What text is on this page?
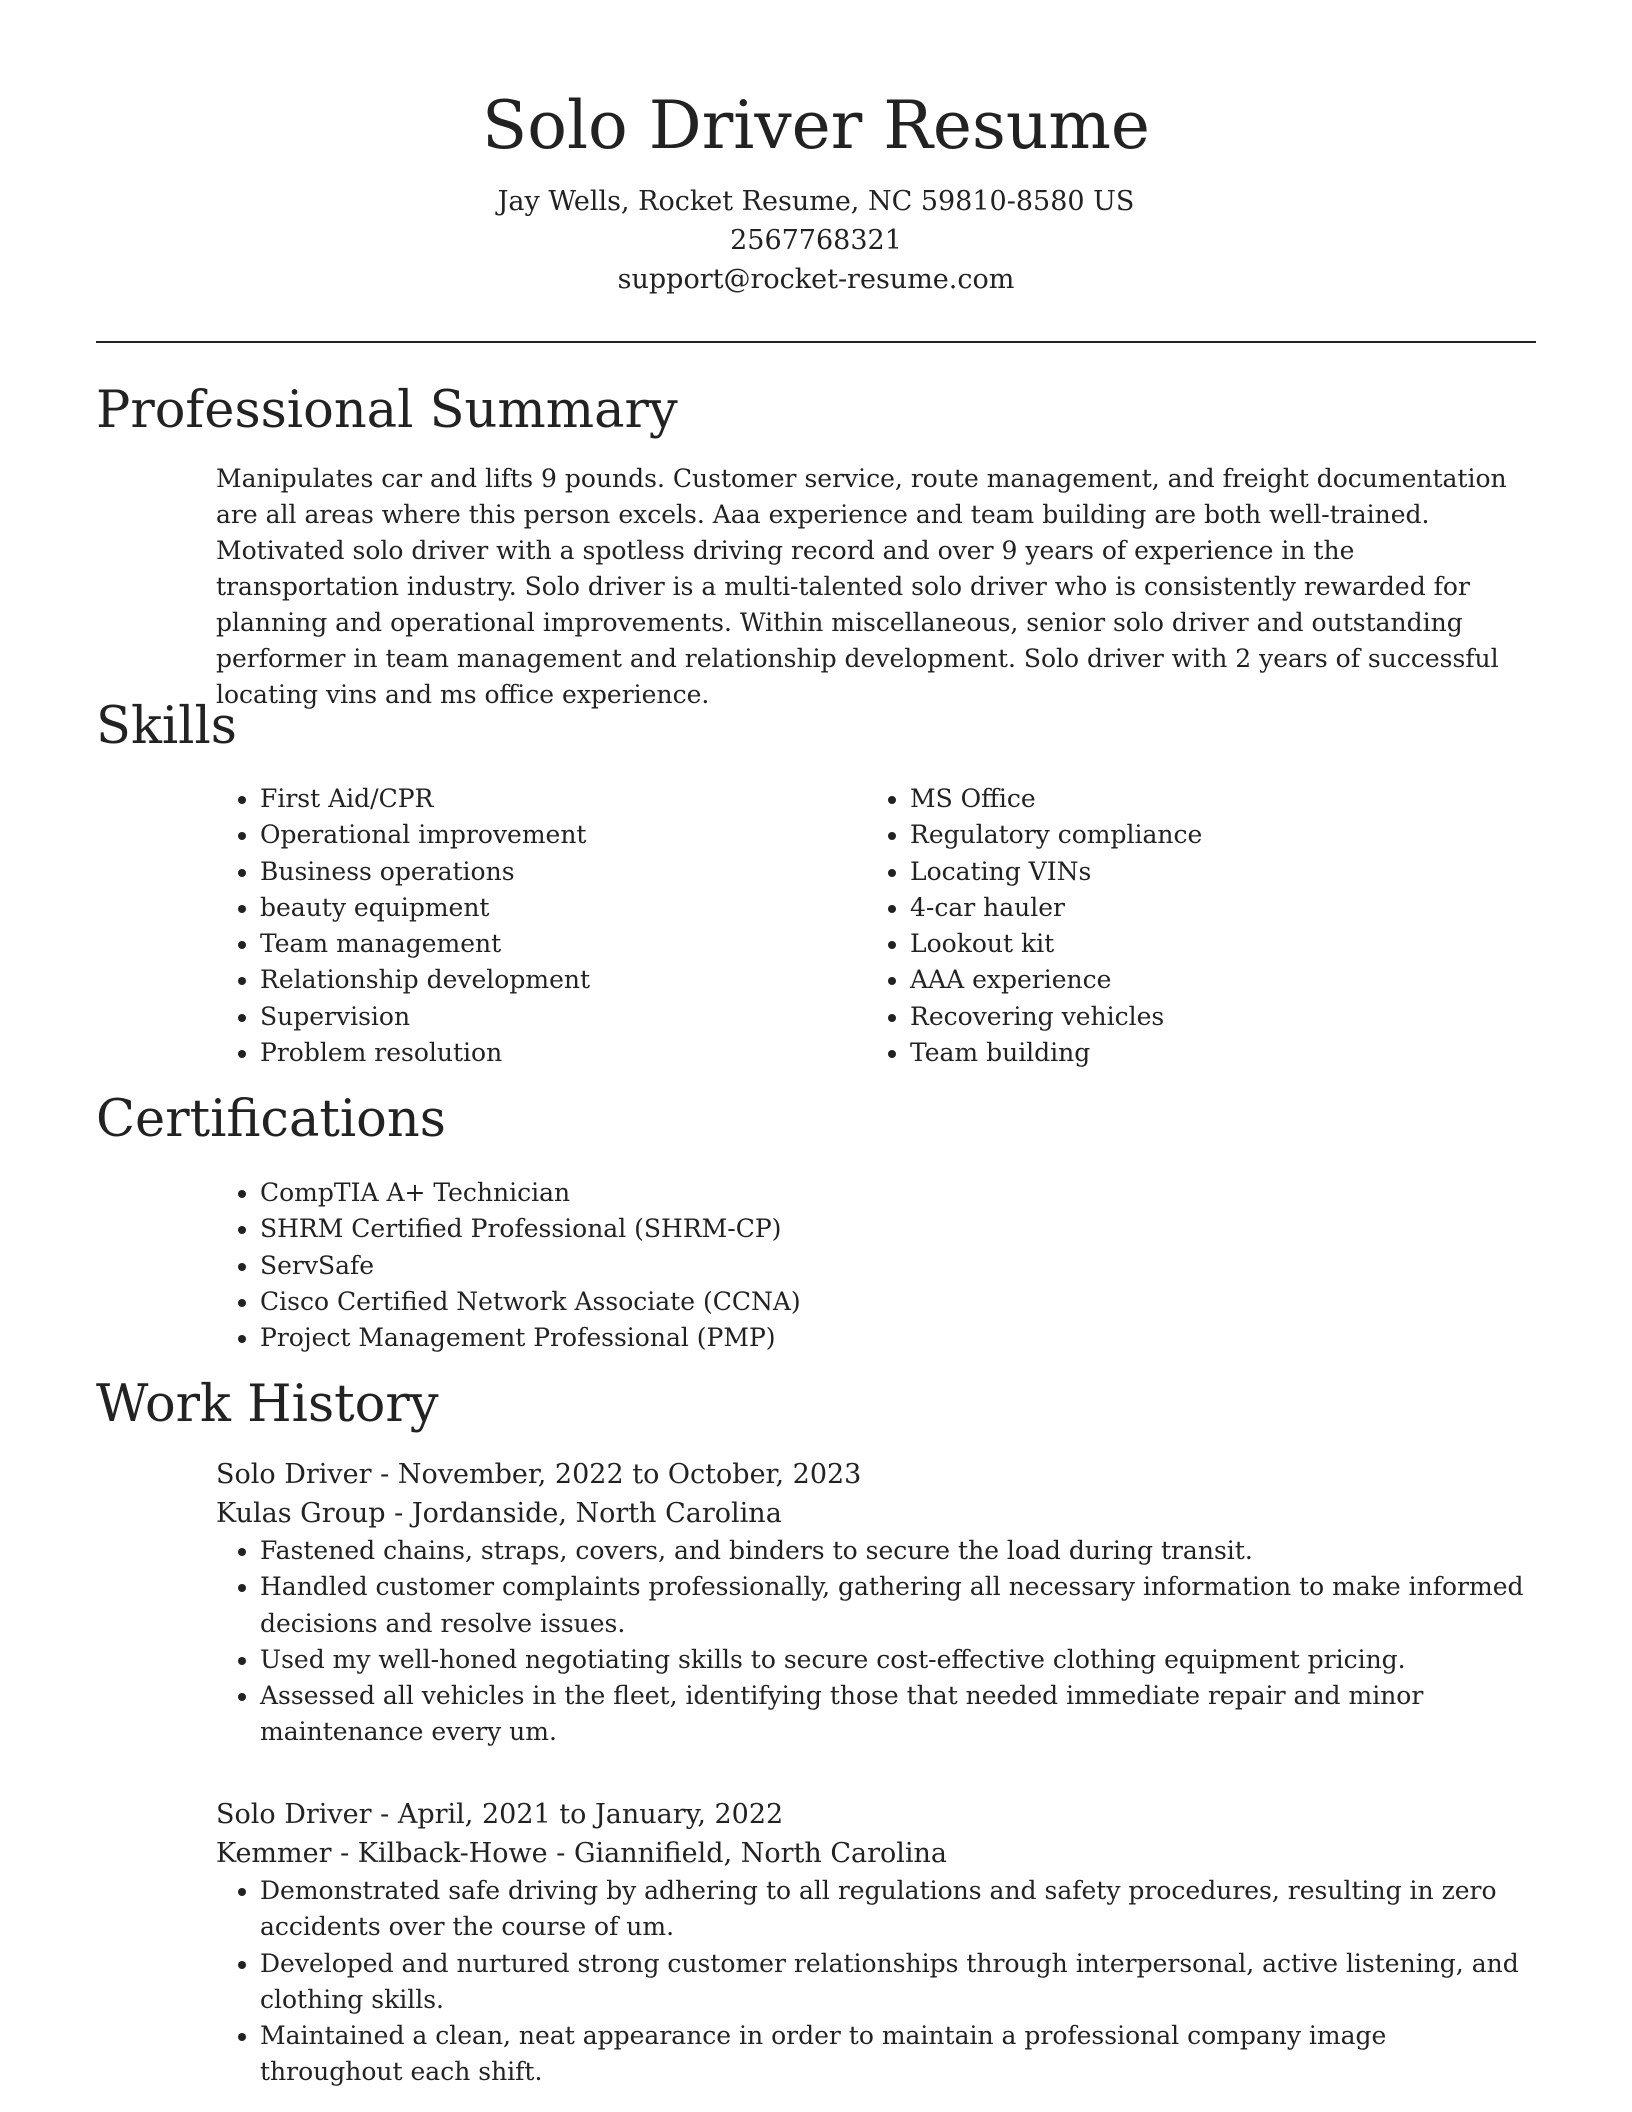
Solo Driver Resume
Jay Wells, Rocket Resume, NC 59810-8580 US
2567768321
support@rocket-resume.com
Professional Summary

Manipulates car and lifts 9 pounds. Customer service, route management, and freight documentation are all areas where this person excels. Aaa experience and team building are both well-trained. Motivated solo driver with a spotless driving record and over 9 years of experience in the transportation industry. Solo driver is a multi-talented solo driver who is consistently rewarded for planning and operational improvements. Within miscellaneous, senior solo driver and outstanding performer in team management and relationship development. Solo driver with 2 years of successful locating vins and ms office experience.

Skills
• First Aid/CPR
• Operational improvement
• Business operations
• beauty equipment
• Team management
• Relationship development
• Supervision
• Problem resolution
• MS Office
• Regulatory compliance
• Locating VINs
• 4-car hauler
• Lookout kit
• AAA experience
• Recovering vehicles
• Team building
Certifications
• CompTIA A+ Technician
• SHRM Certified Professional (SHRM-CP)
• ServSafe
• Cisco Certified Network Associate (CCNA)
• Project Management Professional (PMP)
Work History
Solo Driver - November, 2022 to October, 2023
Kulas Group - Jordanside, North Carolina
• Fastened chains, straps, covers, and binders to secure the load during transit.
• Handled customer complaints professionally, gathering all necessary information to make informed decisions and resolve issues.
• Used my well-honed negotiating skills to secure cost-effective clothing equipment pricing.
• Assessed all vehicles in the fleet, identifying those that needed immediate repair and minor maintenance every um.
Solo Driver - April, 2021 to January, 2022
Kemmer - Kilback-Howe - Giannifield, North Carolina
• Demonstrated safe driving by adhering to all regulations and safety procedures, resulting in zero accidents over the course of um.
• Developed and nurtured strong customer relationships through interpersonal, active listening, and clothing skills.
• Maintained a clean, neat appearance in order to maintain a professional company image throughout each shift.
